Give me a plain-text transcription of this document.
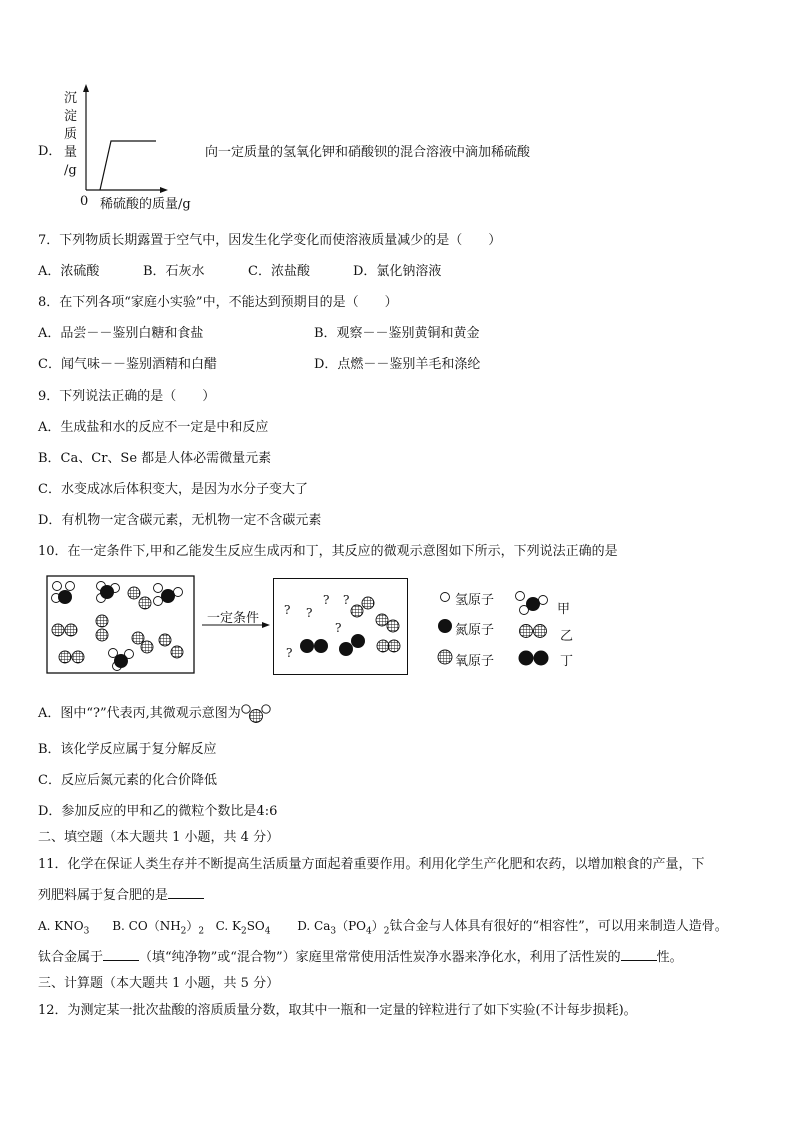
D．
沉
淀
质
量
/g
0 稀硫酸的质量/g
向一定质量的氢氧化钾和硝酸钡的混合溶液中滴加稀硫酸
7．下列物质长期露置于空气中，因发生化学变化而使溶液质量减少的是（　　）
A．浓硫酸	B．石灰水	C．浓盐酸	D．氯化钠溶液
8．在下列各项“家庭小实验”中，不能达到预期目的是（　　）
A．品尝－－鉴别白糖和食盐	B．观察－－鉴别黄铜和黄金
C．闻气味－－鉴别酒精和白醋	D．点燃－－鉴别羊毛和涤纶
9．下列说法正确的是（　　）
A．生成盐和水的反应不一定是中和反应
B．Ca、Cr、Se 都是人体必需微量元素
C．水变成冰后体积变大，是因为水分子变大了
D．有机物一定含碳元素，无机物一定不含碳元素
10．在一定条件下,甲和乙能发生反应生成丙和丁，其反应的微观示意图如下所示，下列说法正确的是
一定条件
? ?
? ?
?
?
氢原子
氮原子
氧原子
甲
乙
丁
A．图中“?”代表丙,其微观示意图为
B．该化学反应属于复分解反应
C．反应后氮元素的化合价降低
D．参加反应的甲和乙的微粒个数比是4:6
二、填空题（本大题共 1 小题，共 4 分）
11．化学在保证人类生存并不断提高生活质量方面起着重要作用。利用化学生产化肥和农药，以增加粮食的产量，下
列肥料属于复合肥的是
A. $KNO_3$ B. $CO(NH_2)_2$ C. $K_2SO_4$ D. $Ca_3(PO_4)_2$钛合金与人体具有很好的“相容性”，可以用来制造人造骨。
钛合金属于	（填“纯净物”或“混合物”）家庭里常常使用活性炭净水器来净化水，利用了活性炭的	性。
三、计算题（本大题共 1 小题，共 5 分）
12．为测定某一批次盐酸的溶质质量分数，取其中一瓶和一定量的锌粒进行了如下实验(不计每步损耗)。
